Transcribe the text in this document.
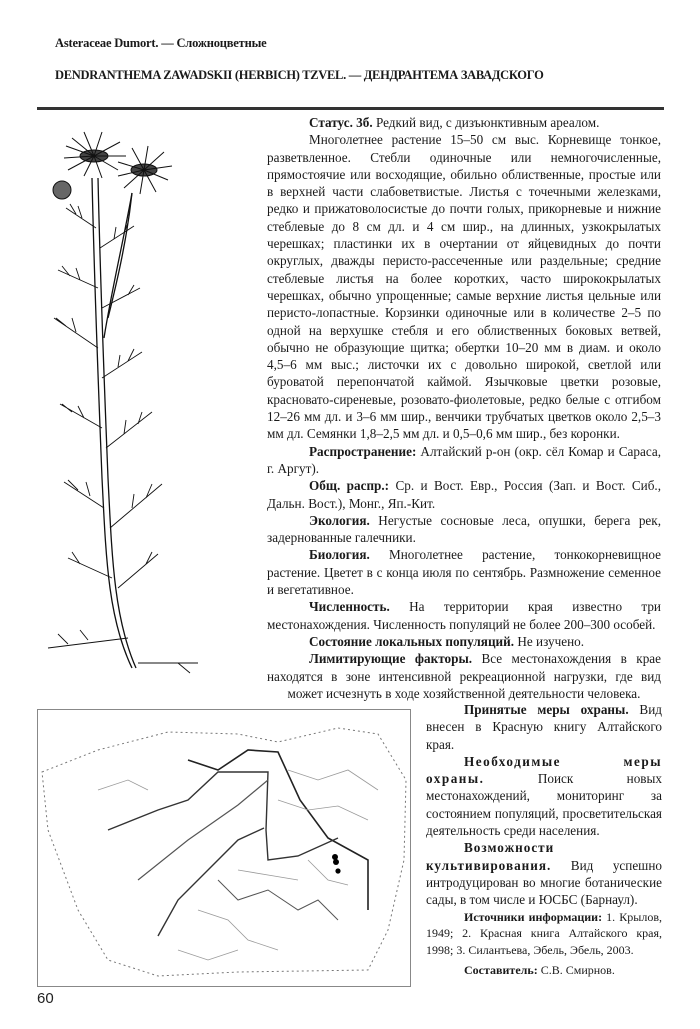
Asteraceae Dumort. — Сложноцветные
DENDRANTHEMA ZAWADSKII (HERBICH) TZVEL. — ДЕНДРАНТЕМА ЗАВАДСКОГО

Статус. 3б. Редкий вид, с дизъюнктивным ареалом.

Многолетнее растение 15–50 см выс. Корневище тонкое, разветвленное. Стебли одиночные или немногочисленные, прямостоячие или восходящие, обильно облиственные, простые или в верхней части слабоветвистые. Листья с точечными железками, редко и прижатоволосистые до почти голых, прикорневые и нижние стеблевые до 8 см дл. и 4 см шир., на длинных, узкокрылатых черешках; пластинки их в очертании от яйцевидных до почти округлых, дважды перисто-рассеченные или раздельные; средние стеблевые листья на более коротких, часто ширококрылатых черешках, обычно упрощенные; самые верхние листья цельные или перисто-лопастные. Корзинки одиночные или в количестве 2–5 по одной на верхушке стебля и его облиственных боковых ветвей, обычно не образующие щитка; обертки 10–20 мм в диам. и около 4,5–6 мм выс.; листочки их с довольно широкой, светлой или буроватой перепончатой каймой. Язычковые цветки розовые, красновато-сиреневые, розовато-фиолетовые, редко белые с отгибом 12–26 мм дл. и 3–6 мм шир., венчики трубчатых цветков около 2,5–3 мм дл. Семянки 1,8–2,5 мм дл. и 0,5–0,6 мм шир., без коронки.

Распространение: Алтайский р-он (окр. сёл Комар и Сараса, г. Аргут).

Общ. распр.: Ср. и Вост. Евр., Россия (Зап. и Вост. Сиб., Дальн. Вост.), Монг., Яп.-Кит.

Экология. Негустые сосновые леса, опушки, берега рек, задернованные галечники.

Биология. Многолетнее растение, тонкокорневищное растение. Цветет в с конца июля по сентябрь. Размножение семенное и вегетативное.

Численность. На территории края известно три местонахождения. Численность популяций не более 200–300 особей.

Состояние локальных популяций. Не изучено.

Лимитирующие факторы. Все местонахождения в крае находятся в зоне интенсивной рекреационной нагрузки, где вид может исчезнуть в ходе хозяйственной деятельности человека.

Принятые меры охраны. Вид внесен в Красную книгу Алтайского края.

Необходимые меры охраны. Поиск новых местонахождений, мониторинг за состоянием популяций, просветительская деятельность среди населения.

Возможности культивирования. Вид успешно интродуцирован во многие ботанические сады, в том числе и ЮСБС (Барнаул).

Источники информации: 1. Крылов, 1949; 2. Красная книга Алтайского края, 1998; 3. Силантьева, Эбель, Эбель, 2003.

Составитель: С.В. Смирнов.

60
